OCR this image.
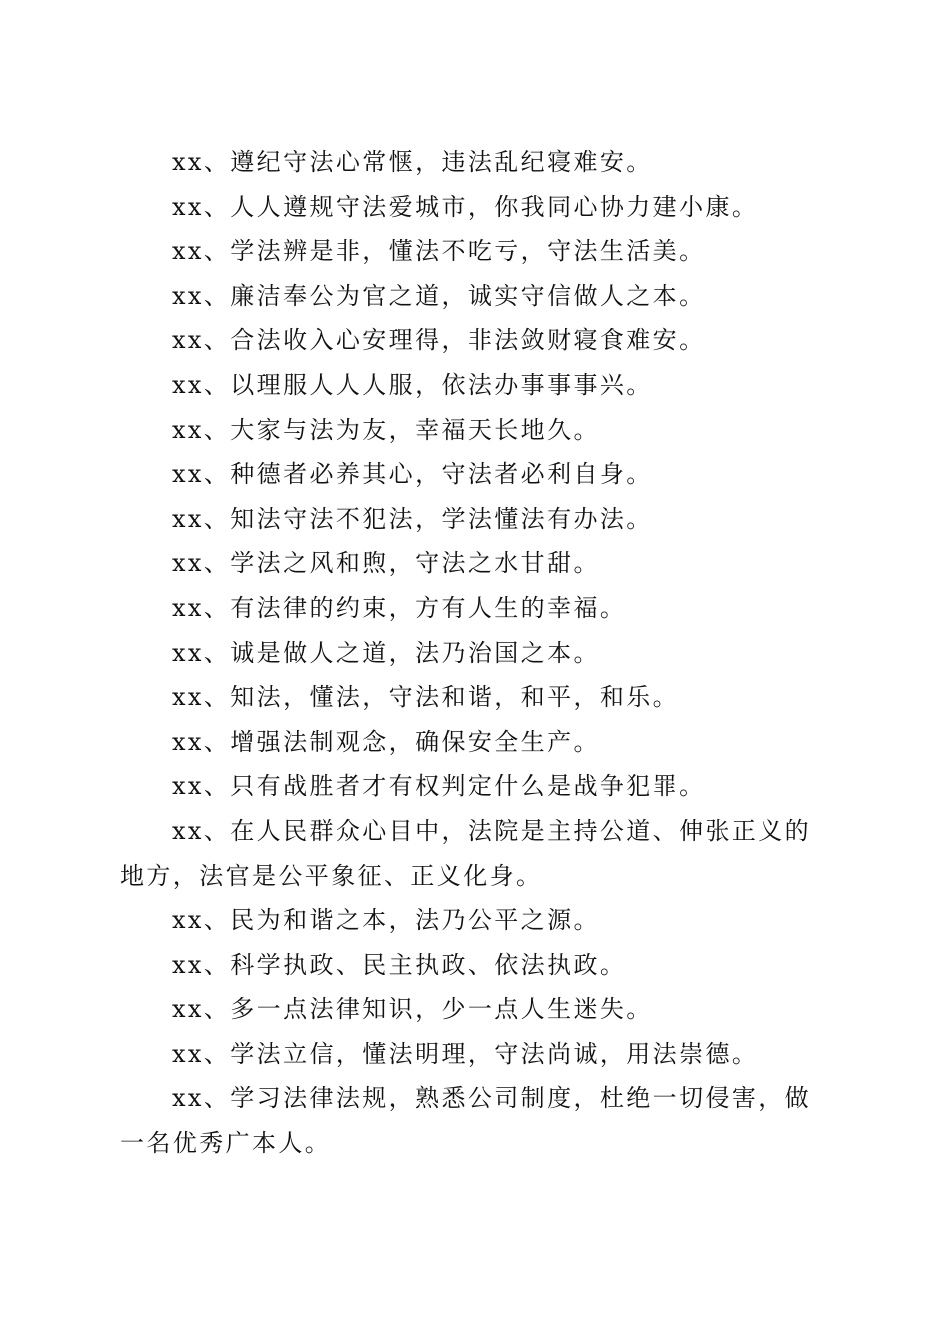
xx、遵纪守法心常惬，违法乱纪寝难安。

xx、人人遵规守法爱城市，你我同心协力建小康。

xx、学法辨是非，懂法不吃亏，守法生活美。

xx、廉洁奉公为官之道，诚实守信做人之本。

xx、合法收入心安理得，非法敛财寝食难安。

xx、以理服人人人服，依法办事事事兴。

xx、大家与法为友，幸福天长地久。

xx、种德者必养其心，守法者必利自身。

xx、知法守法不犯法，学法懂法有办法。

xx、学法之风和煦，守法之水甘甜。

xx、有法律的约束，方有人生的幸福。

xx、诚是做人之道，法乃治国之本。

xx、知法，懂法，守法和谐，和平，和乐。

xx、增强法制观念，确保安全生产。

xx、只有战胜者才有权判定什么是战争犯罪。

xx、在人民群众心目中，法院是主持公道、伸张正义的地方，法官是公平象征、正义化身。

xx、民为和谐之本，法乃公平之源。

xx、科学执政、民主执政、依法执政。

xx、多一点法律知识，少一点人生迷失。

xx、学法立信，懂法明理，守法尚诚，用法崇德。

xx、学习法律法规，熟悉公司制度，杜绝一切侵害，做一名优秀广本人。
